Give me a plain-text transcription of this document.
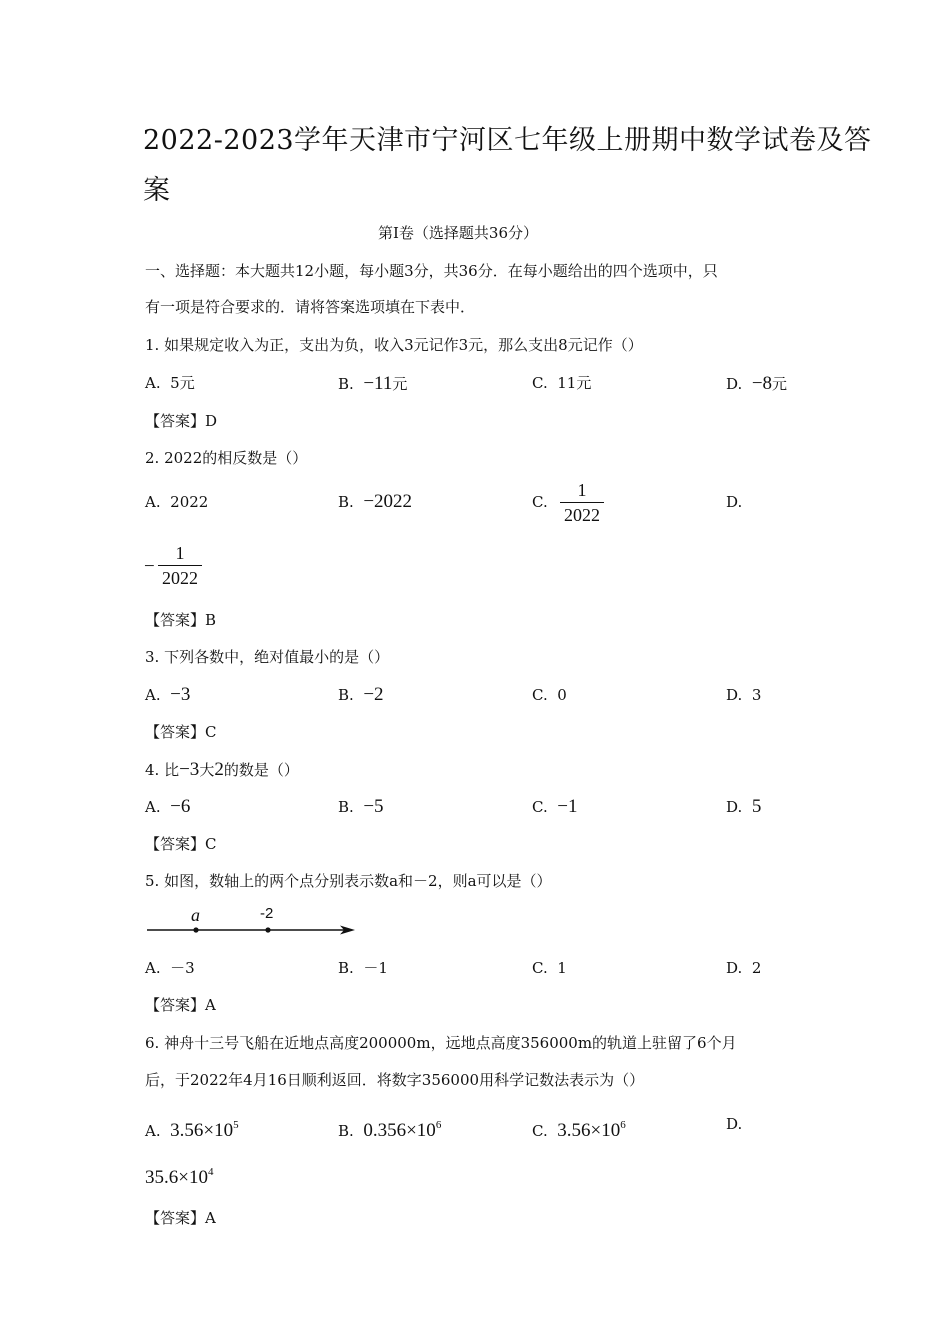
2022-2023学年天津市宁河区七年级上册期中数学试卷及答
案
第Ⅰ卷（选择题共36分）
一、选择题：本大题共12小题，每小题3分，共36分．在每小题给出的四个选项中，只
有一项是符合要求的．请将答案选项填在下表中．
1. 如果规定收入为正，支出为负，收入3元记作3元，那么支出8元记作（）
A. 5元	B. −11元	C. 11元	D. −8元
【答案】D
2. 2022的相反数是（）
A. 2022	B. −2022	C.
1
2022
D.
−
1
2022
【答案】B
3. 下列各数中，绝对值最小的是（）
A. −3	B. −2	C. 0	D. 3
【答案】C
4. 比−3大2的数是（）
A. −6	B. −5	C. −1	D. 5
【答案】C
5. 如图，数轴上的两个点分别表示数a和－2，则a可以是（）
a	-2
A. －3	B. －1	C. 1	D. 2
【答案】A
6. 神舟十三号飞船在近地点高度200000m，远地点高度356000m的轨道上驻留了6个月
后，于2022年4月16日顺利返回．将数字356000用科学记数法表示为（）
A. $3.56\times 10^5$	B. $0.356\times 10^6$	C. $3.56\times 10^6$	D.
$35.6\times 10^4$
【答案】A
